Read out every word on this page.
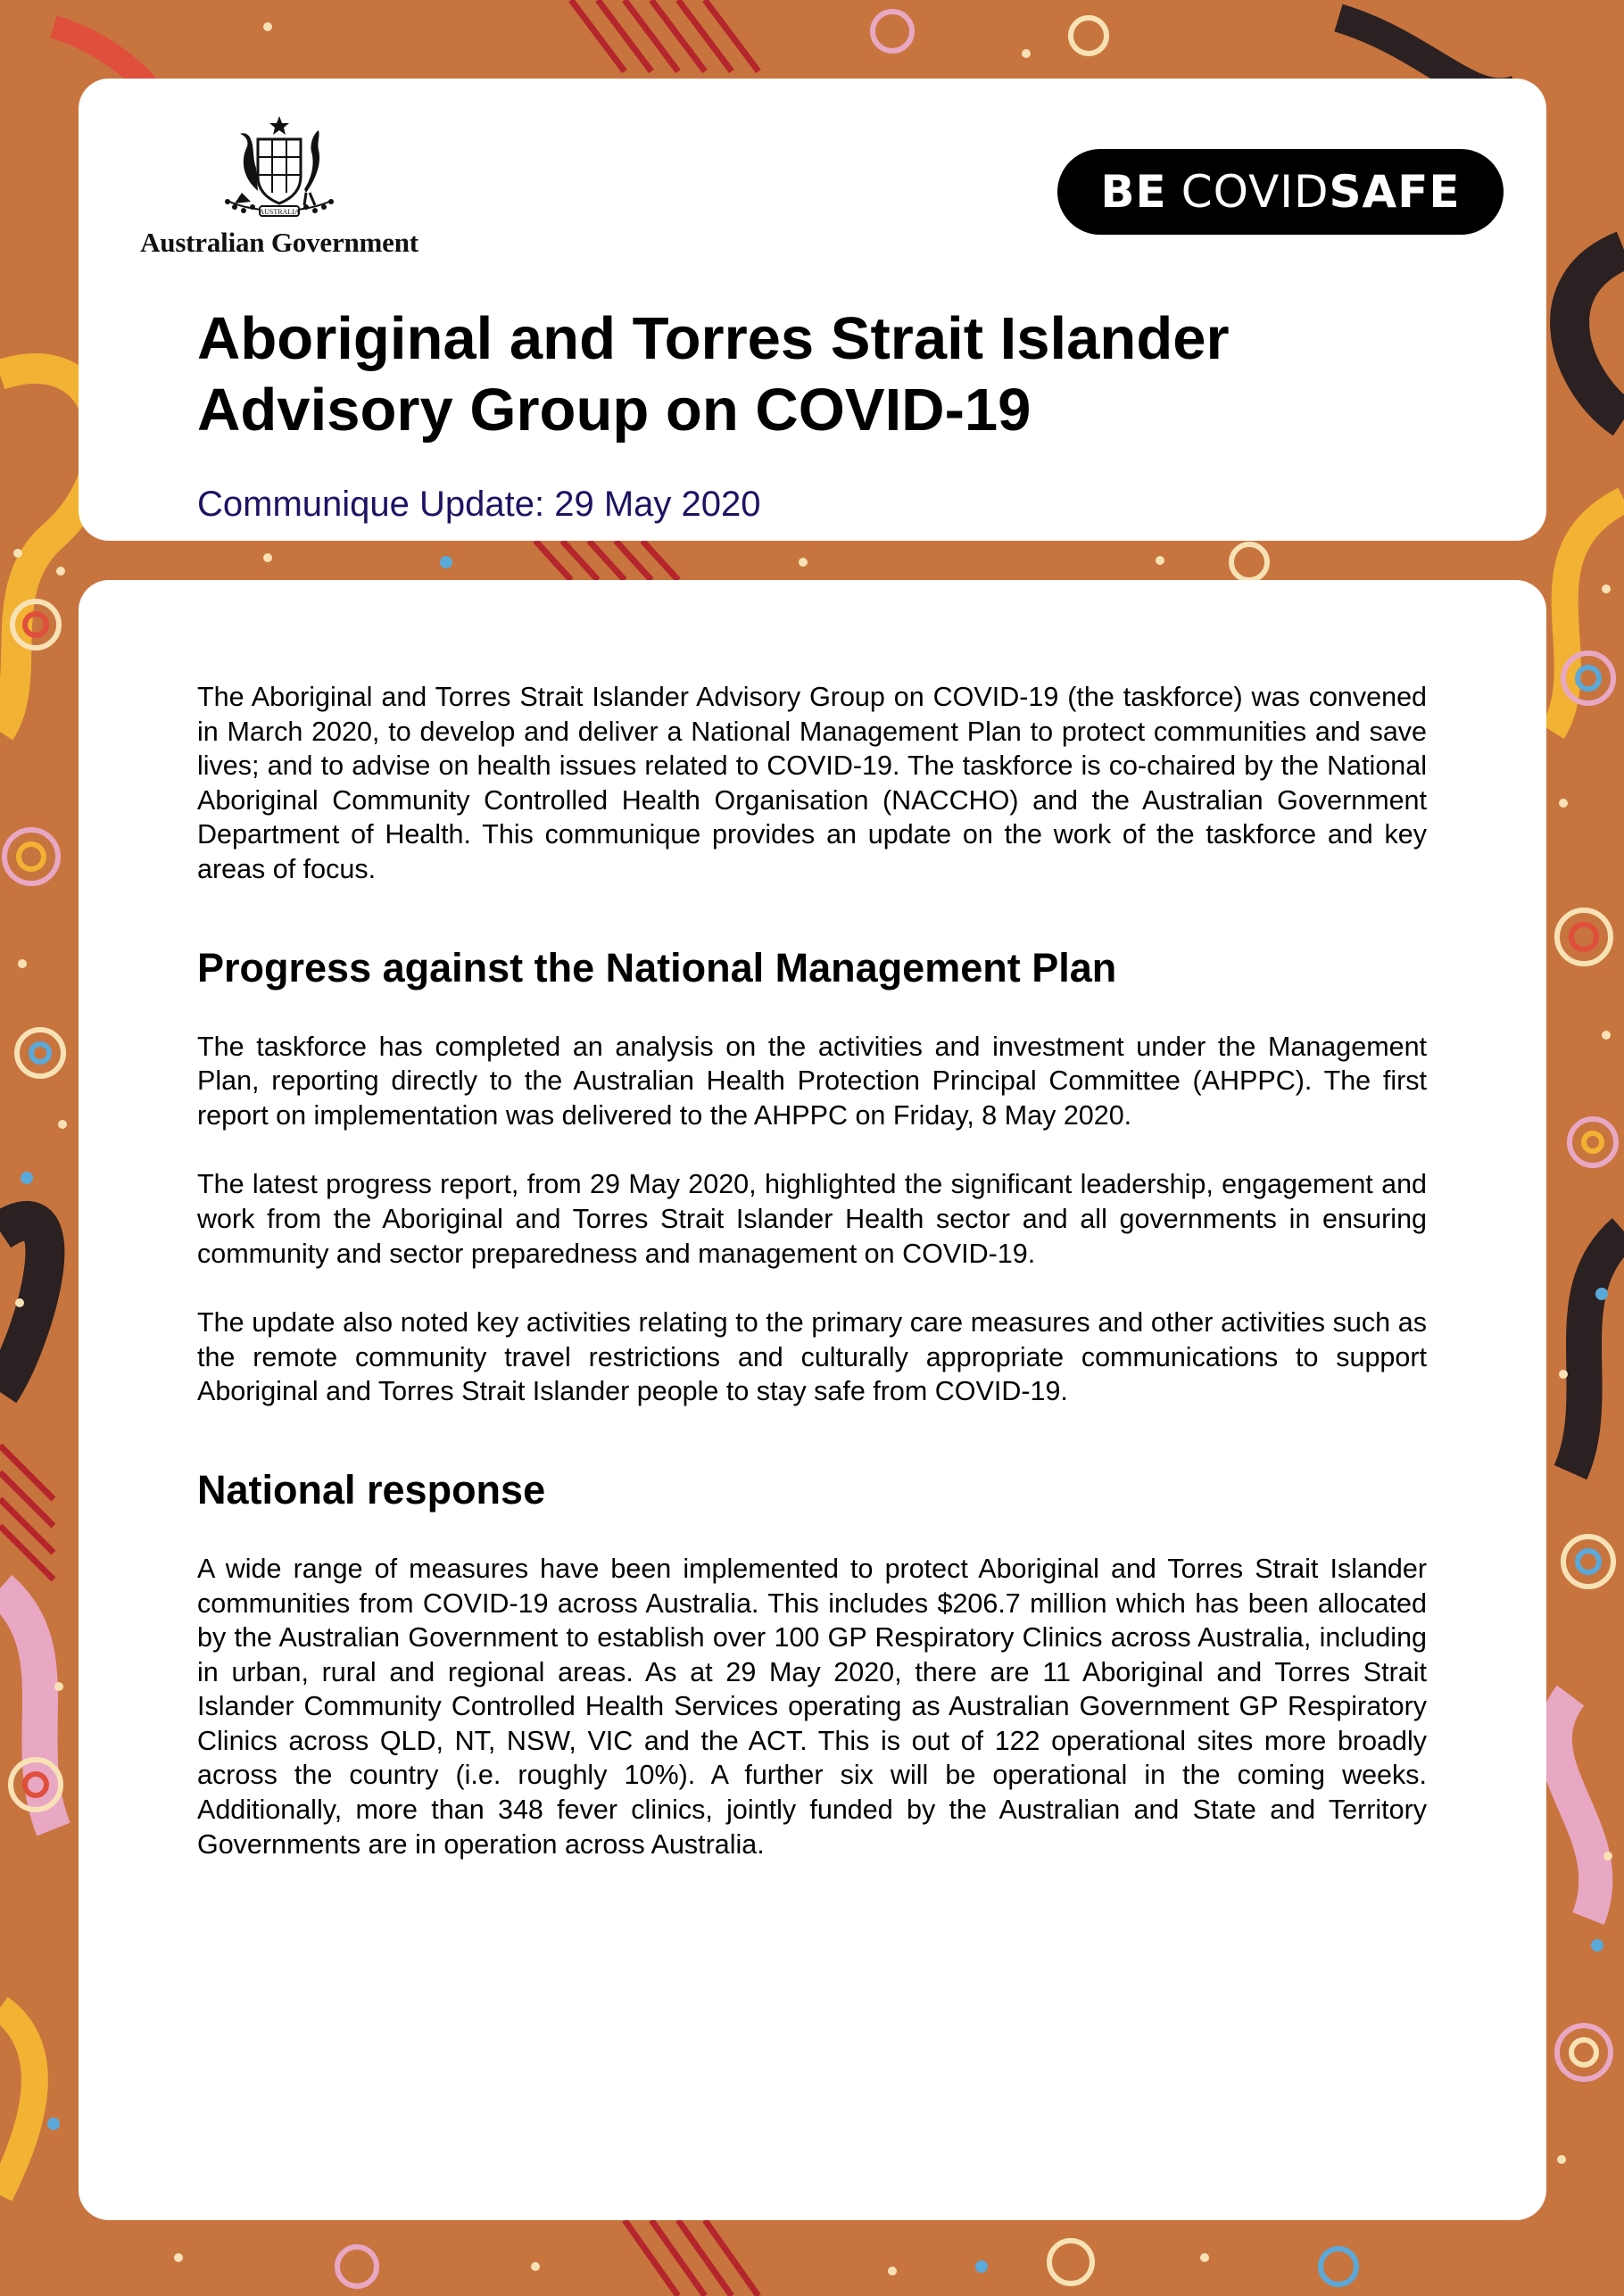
AUSTRALIA
Australian Government
BE COVID SAFE
Aboriginal and Torres Strait Islander Advisory Group on COVID-19

Communique Update: 29 May 2020

The Aboriginal and Torres Strait Islander Advisory Group on COVID-19 (the taskforce) was convened in March 2020, to develop and deliver a National Management Plan to protect communities and save lives; and to advise on health issues related to COVID-19. The taskforce is co-chaired by the National Aboriginal Community Controlled Health Organisation (NACCHO) and the Australian Government Department of Health. This communique provides an update on the work of the taskforce and key areas of focus.

Progress against the National Management Plan

The taskforce has completed an analysis on the activities and investment under the Management Plan, reporting directly to the Australian Health Protection Principal Committee (AHPPC). The first report on implementation was delivered to the AHPPC on Friday, 8 May 2020.

The latest progress report, from 29 May 2020, highlighted the significant leadership, engagement and work from the Aboriginal and Torres Strait Islander Health sector and all governments in ensuring community and sector preparedness and management on COVID-19.

The update also noted key activities relating to the primary care measures and other activities such as the remote community travel restrictions and culturally appropriate communications to support Aboriginal and Torres Strait Islander people to stay safe from COVID-19.

National response

A wide range of measures have been implemented to protect Aboriginal and Torres Strait Islander communities from COVID-19 across Australia. This includes $206.7 million which has been allocated by the Australian Government to establish over 100 GP Respiratory Clinics across Australia, including in urban, rural and regional areas. As at 29 May 2020, there are 11 Aboriginal and Torres Strait Islander Community Controlled Health Services operating as Australian Government GP Respiratory Clinics across QLD, NT, NSW, VIC and the ACT. This is out of 122 operational sites more broadly across the country (i.e. roughly 10%). A further six will be operational in the coming weeks. Additionally, more than 348 fever clinics, jointly funded by the Australian and State and Territory Governments are in operation across Australia.
